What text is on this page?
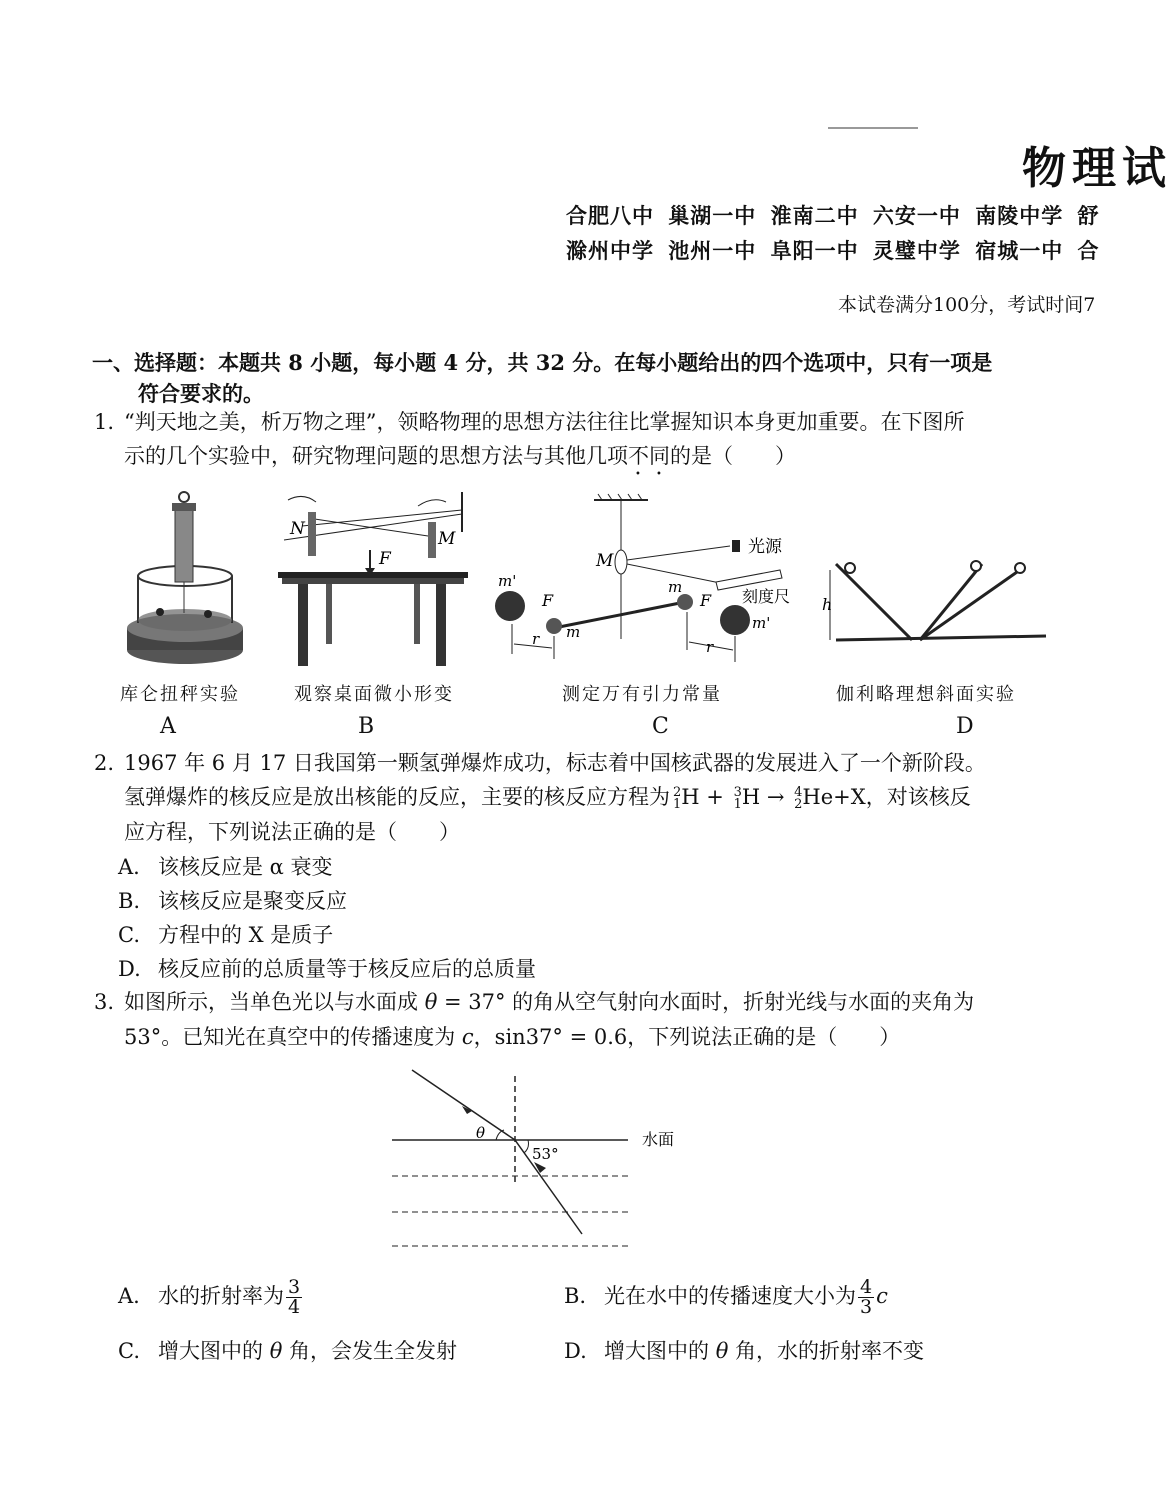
物理试
合肥八中 巢湖一中 淮南二中 六安一中 南陵中学 舒
滁州中学 池州一中 阜阳一中 灵璧中学 宿城一中 合
本试卷满分100分，考试时间7
一、选择题：本题共 8 小题，每小题 4 分，共 32 分。在每小题给出的四个选项中，只有一项是
符合要求的。
1. “判天地之美，析万物之理”，领略物理的思想方法往往比掌握知识本身更加重要。在下图所
示的几个实验中，研究物理问题的思想方法与其他几项不同的是（　　）
N	M
F	M
光源
刻度尺
m'
m'
m
m
F	F
r	r
h
库仑扭秤实验	观察桌面微小形变	测定万有引力常量	伽利略理想斜面实验
A	B	C	D
2. 1967 年 6 月 17 日我国第一颗氢弹爆炸成功，标志着中国核武器的发展进入了一个新阶段。
氢弹爆炸的核反应是放出核能的反应，主要的核反应方程为 2
1 H + 3
1 H → 4
2 He+X，对该核反
应方程，下列说法正确的是（　　）
A. 该核反应是 α 衰变
B. 该核反应是聚变反应
C. 方程中的 X 是质子
D. 核反应前的总质量等于核反应后的总质量
3. 如图所示，当单色光以与水面成 θ = 37° 的角从空气射向水面时，折射光线与水面的夹角为
53°。已知光在真空中的传播速度为 c，sin37° = 0.6，下列说法正确的是（　　）
θ
53°
水面
A. 水的折射率为 $\frac{3}{4}$	B. 光在水中的传播速度大小为 $\frac{4}{3}$ c
C. 增大图中的 θ 角，会发生全发射	D. 增大图中的 θ 角，水的折射率不变
